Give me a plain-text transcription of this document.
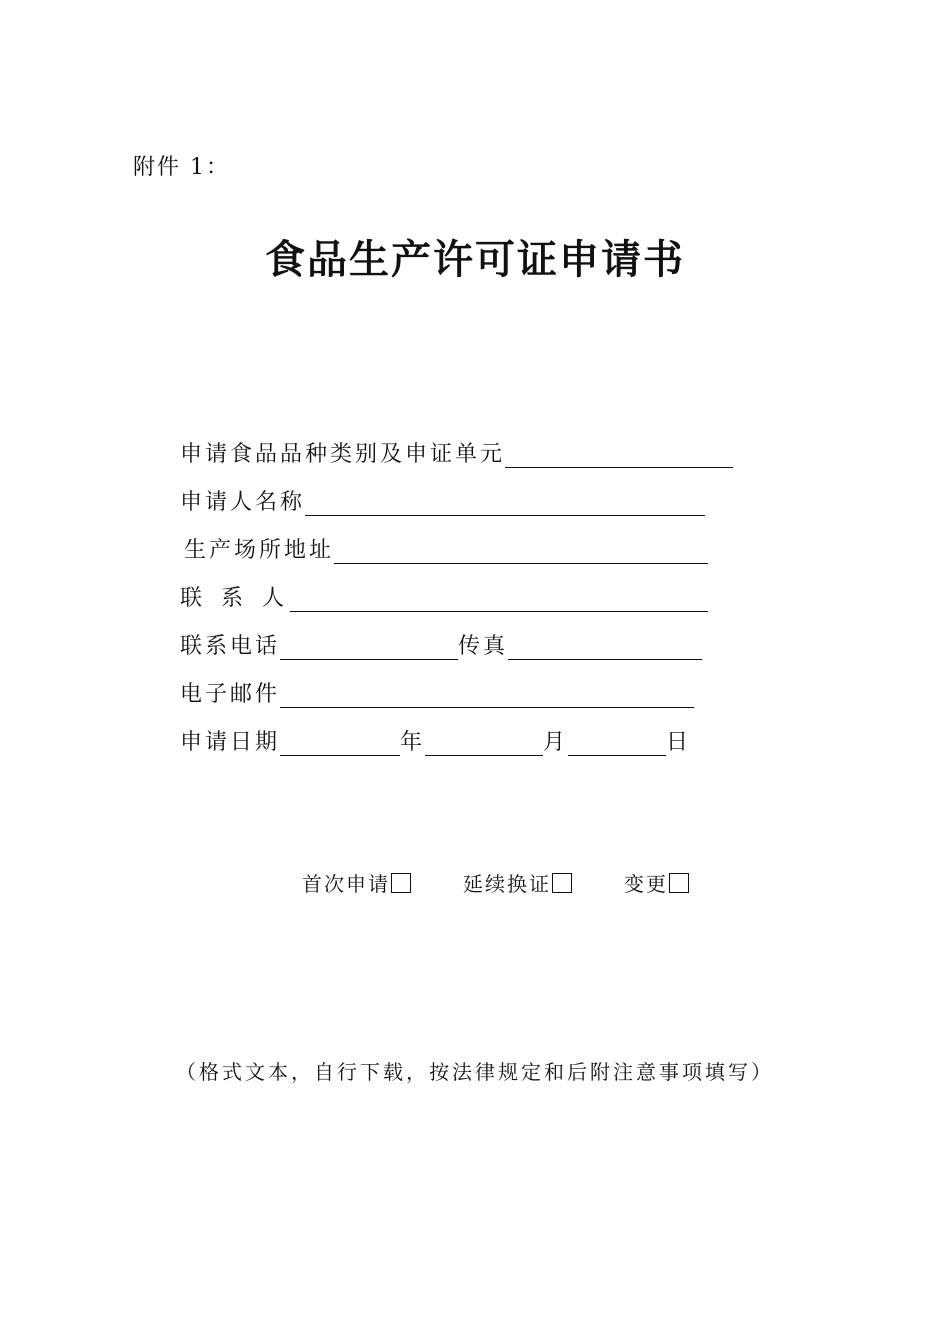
附件 1：
食品生产许可证申请书
申请食品品种类别及申证单元
申请人名称
生产场所地址
联 系 人
联系电话	传真
电子邮件
申请日期	年	月	日
首次申请	延续换证	变更
（格式文本，自行下载，按法律规定和后附注意事项填写）
